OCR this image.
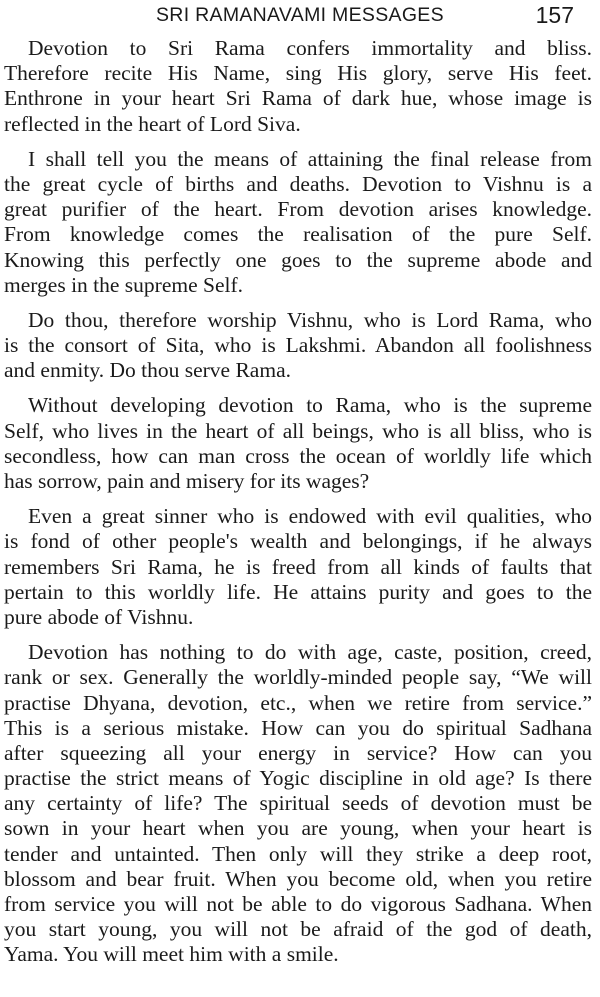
SRI RAMANAVAMI MESSAGES	157
Devotion to Sri Rama confers immortality and bliss.
Therefore recite His Name, sing His glory, serve His feet.
Enthrone in your heart Sri Rama of dark hue, whose image is
reflected in the heart of Lord Siva.
I shall tell you the means of attaining the final release from
the great cycle of births and deaths. Devotion to Vishnu is a
great purifier of the heart. From devotion arises knowledge.
From knowledge comes the realisation of the pure Self.
Knowing this perfectly one goes to the supreme abode and
merges in the supreme Self.
Do thou, therefore worship Vishnu, who is Lord Rama, who
is the consort of Sita, who is Lakshmi. Abandon all foolishness
and enmity. Do thou serve Rama.
Without developing devotion to Rama, who is the supreme
Self, who lives in the heart of all beings, who is all bliss, who is
secondless, how can man cross the ocean of worldly life which
has sorrow, pain and misery for its wages?
Even a great sinner who is endowed with evil qualities, who
is fond of other people's wealth and belongings, if he always
remembers Sri Rama, he is freed from all kinds of faults that
pertain to this worldly life. He attains purity and goes to the
pure abode of Vishnu.
Devotion has nothing to do with age, caste, position, creed,
rank or sex. Generally the worldly-minded people say, “We will
practise Dhyana, devotion, etc., when we retire from service.”
This is a serious mistake. How can you do spiritual Sadhana
after squeezing all your energy in service? How can you
practise the strict means of Yogic discipline in old age? Is there
any certainty of life? The spiritual seeds of devotion must be
sown in your heart when you are young, when your heart is
tender and untainted. Then only will they strike a deep root,
blossom and bear fruit. When you become old, when you retire
from service you will not be able to do vigorous Sadhana. When
you start young, you will not be afraid of the god of death,
Yama. You will meet him with a smile.
